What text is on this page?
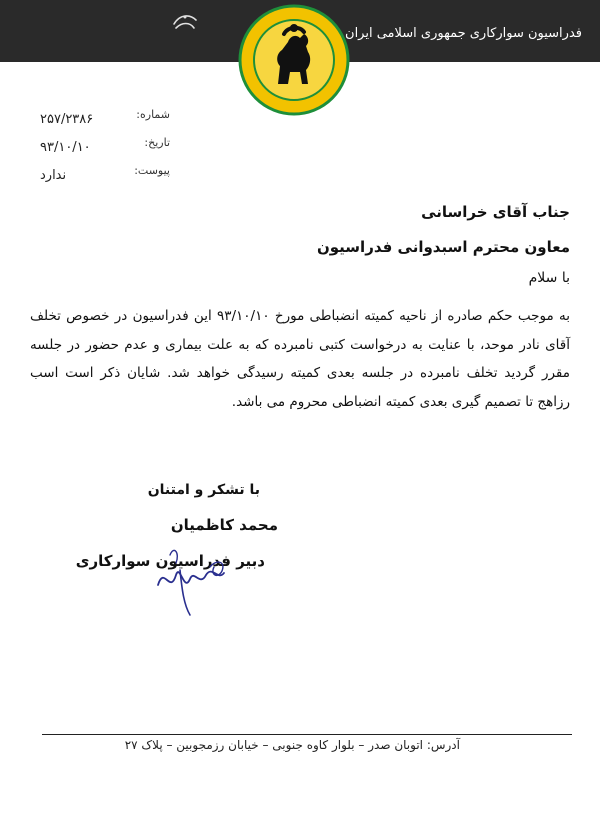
فدراسیون سوارکاری جمهوری اسلامی ایران
شماره:
۲۵۷/۲۳۸۶
تاریخ:
۹۳/۱۰/۱۰
پیوست:
ندارد
جناب آقای خراسانی
معاون محترم اسبدوانی فدراسیون
با سلام
به موجب حکم صادره از ناحیه کمیته انضباطی مورخ ۹۳/۱۰/۱۰ این فدراسیون در خصوص تخلف آقای نادر موحد، با عنایت به درخواست کتبی نامبرده که به علت بیماری و عدم حضور در جلسه مقرر گردید تخلف نامبرده در جلسه بعدی کمیته رسیدگی خواهد شد. شایان ذکر است اسب رزاهج تا تصمیم گیری بعدی کمیته انضباطی محروم می باشد.
با تشکر و امتنان
محمد کاظمیان
دبیر فدراسیون سوارکاری
آدرس: اتوبان صدر – بلوار کاوه جنوبی – خیابان رزمجوبین – پلاک ۲۷
